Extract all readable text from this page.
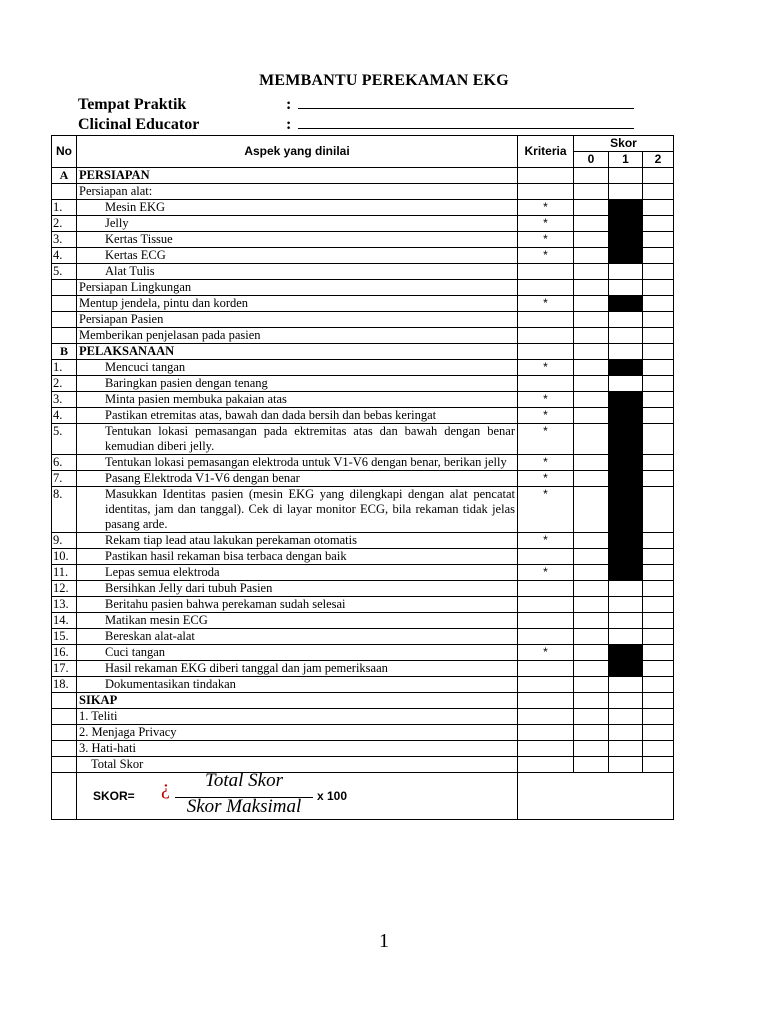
MEMBANTU PEREKAMAN EKG
Tempat Praktik	:
Clicinal Educator	:
No	Aspek yang dinilai	Kriteria	Skor		
			0	1	2
A	PERSIAPAN				

	Persiapan alat:				

	1. Mesin EKG	*			

	2. Jelly	*			

	3. Kertas Tissue	*			

	4. Kertas ECG	*			

	5. Alat Tulis				

	Persiapan Lingkungan				

	Mentup jendela, pintu dan korden	*			

	Persiapan Pasien				

	Memberikan penjelasan pada pasien				

B	PELAKSANAAN				

	1. Mencuci tangan	*			

	2. Baringkan pasien dengan tenang				

	3. Minta pasien membuka pakaian atas	*			

	4. Pastikan etremitas atas, bawah dan dada bersih dan bebas keringat	*			

	5. Tentukan lokasi pemasangan pada ektremitas atas dan bawah dengan benar kemudian diberi jelly.	*			

	6. Tentukan lokasi pemasangan elektroda untuk V1-V6 dengan benar, berikan jelly	*			

	7. Pasang Elektroda V1-V6 dengan benar	*			

	8. Masukkan Identitas pasien (mesin EKG yang dilengkapi dengan alat pencatat identitas, jam dan tanggal). Cek di layar monitor ECG, bila rekaman tidak jelas pasang arde.	*			

	9. Rekam tiap lead atau lakukan perekaman otomatis	*			

	10. Pastikan hasil rekaman bisa terbaca dengan baik				

	11. Lepas semua elektroda	*			

	12. Bersihkan Jelly dari tubuh Pasien				

	13. Beritahu pasien bahwa perekaman sudah selesai				

	14. Matikan mesin ECG				

	15. Bereskan alat-alat				

	16. Cuci tangan	*			

	17. Hasil rekaman EKG diberi tanggal dan jam pemeriksaan				

	18. Dokumentasikan tindakan				

	SIKAP				

	1. Teliti				

	2. Menjaga Privacy				

	3. Hati-hati				

	Total Skor				

	SKOR= ¿ Total Skor
Skor Maksimal x 100				

1
